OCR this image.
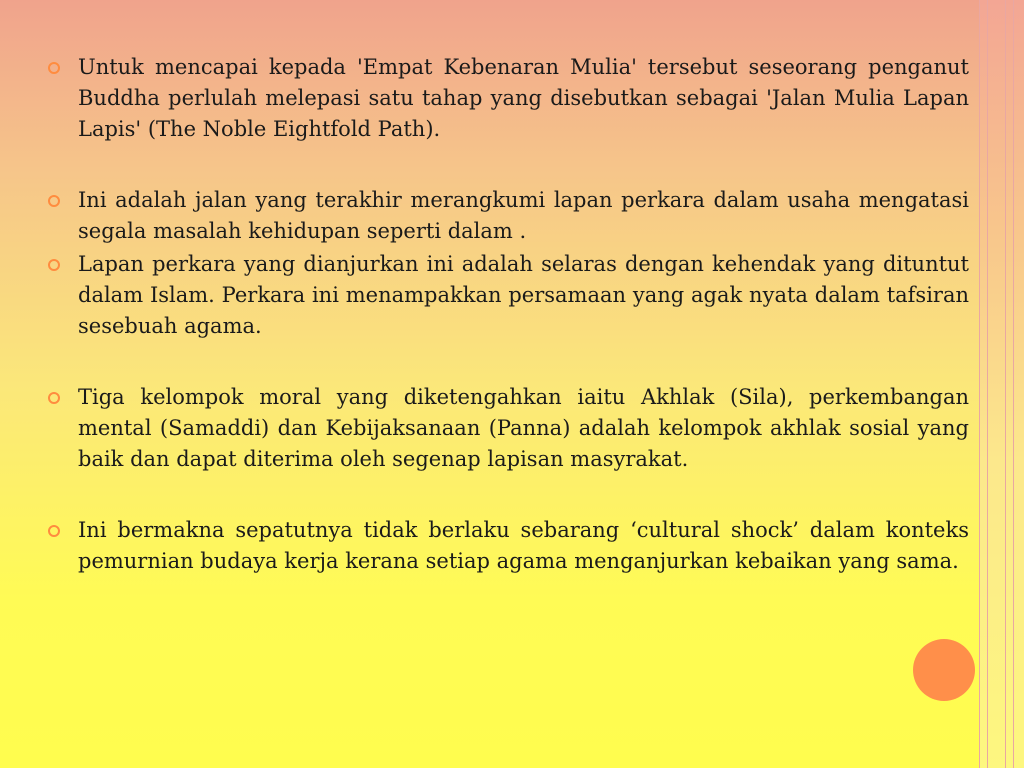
Untuk mencapai kepada 'Empat Kebenaran Mulia' tersebut seseorang penganut Buddha perlulah melepasi satu tahap yang disebutkan sebagai 'Jalan Mulia Lapan Lapis' (The Noble Eightfold Path).
Ini adalah jalan yang terakhir merangkumi lapan perkara dalam usaha mengatasi segala masalah kehidupan seperti dalam .
Lapan perkara yang dianjurkan ini adalah selaras dengan kehendak yang dituntut dalam Islam. Perkara ini menampakkan persamaan yang agak nyata dalam tafsiran sesebuah agama.
Tiga kelompok moral yang diketengahkan iaitu Akhlak (Sila), perkembangan mental (Samaddi) dan Kebijaksanaan (Panna) adalah kelompok akhlak sosial yang baik dan dapat diterima oleh segenap lapisan masyrakat.
Ini bermakna sepatutnya tidak berlaku sebarang ‘cultural shock’ dalam konteks pemurnian budaya kerja kerana setiap agama menganjurkan kebaikan yang sama.
